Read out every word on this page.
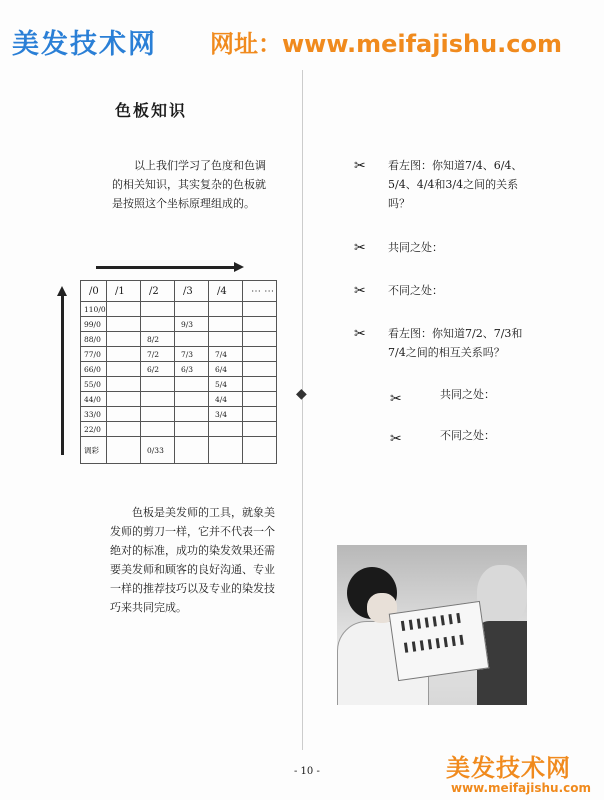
美发技术网 网址：www.meifajishu.com
◆
色板知识
以上我们学习了色度和色调的相关知识，其实复杂的色板就是按照这个坐标原理组成的。
/0	/1	/2	/3	/4	⋯ ⋯
110/0					
99/0			9/3		
88/0		8/2			
77/0		7/2	7/3	7/4	
66/0		6/2	6/3	6/4	
55/0				5/4	
44/0				4/4	
33/0				3/4	
22/0					
调彩		0/33			
色板是美发师的工具，就象美发师的剪刀一样，它并不代表一个绝对的标准，成功的染发效果还需要美发师和顾客的良好沟通、专业一样的推荐技巧以及专业的染发技巧来共同完成。
✂ 看左图：你知道7/4、6/4、5/4、4/4和3/4之间的关系吗？
✂ 共同之处：
✂ 不同之处：
✂ 看左图：你知道7/2、7/3和7/4之间的相互关系吗？
✂	共同之处：
✂	不同之处：
- 10 -	美发技术网
www.meifajishu.com
